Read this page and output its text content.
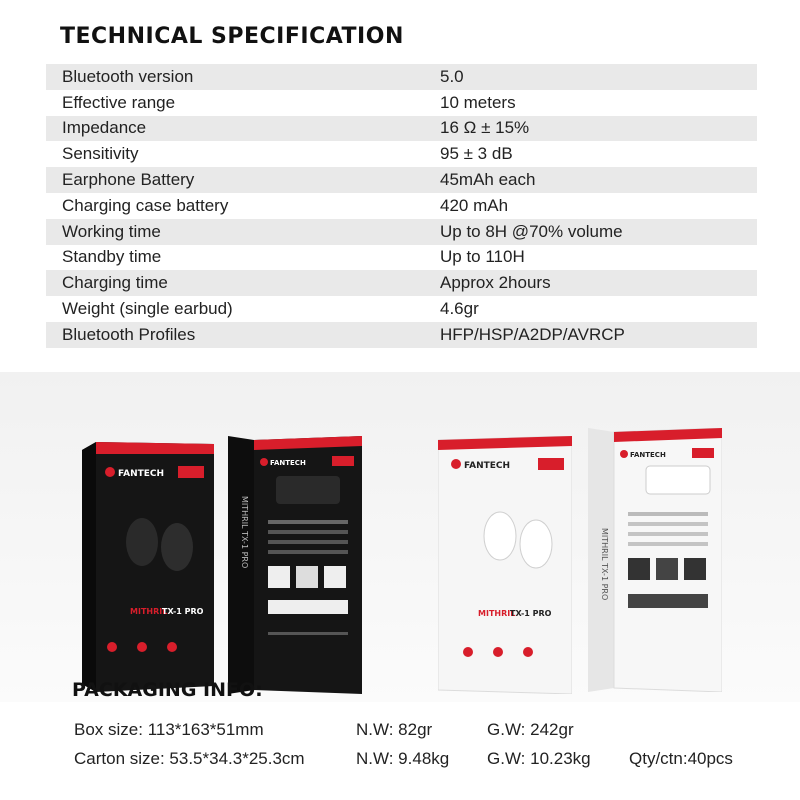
TECHNICAL SPECIFICATION
Bluetooth version	5.0
Effective range	10 meters
Impedance	16 Ω ± 15%
Sensitivity	95 ± 3 dB
Earphone Battery	45mAh each
Charging case battery	420 mAh
Working time	Up to 8H @70% volume
Standby time	Up to 110H
Charging time	Approx 2hours
Weight (single earbud)	4.6gr
Bluetooth Profiles	HFP/HSP/A2DP/AVRCP
FANTECH
MITHRIL
TX-1 PRO
MITHRIL TX-1 PRO
FANTECH	FANTECH
MITHRIL
TX-1 PRO
MITHRIL TX-1 PRO
FANTECH
PACKAGING INFO:
Box size: 113*163*51mm	N.W: 82gr	G.W: 242gr
Carton size: 53.5*34.3*25.3cm	N.W: 9.48kg G.W: 10.23kg Qty/ctn:40pcs
